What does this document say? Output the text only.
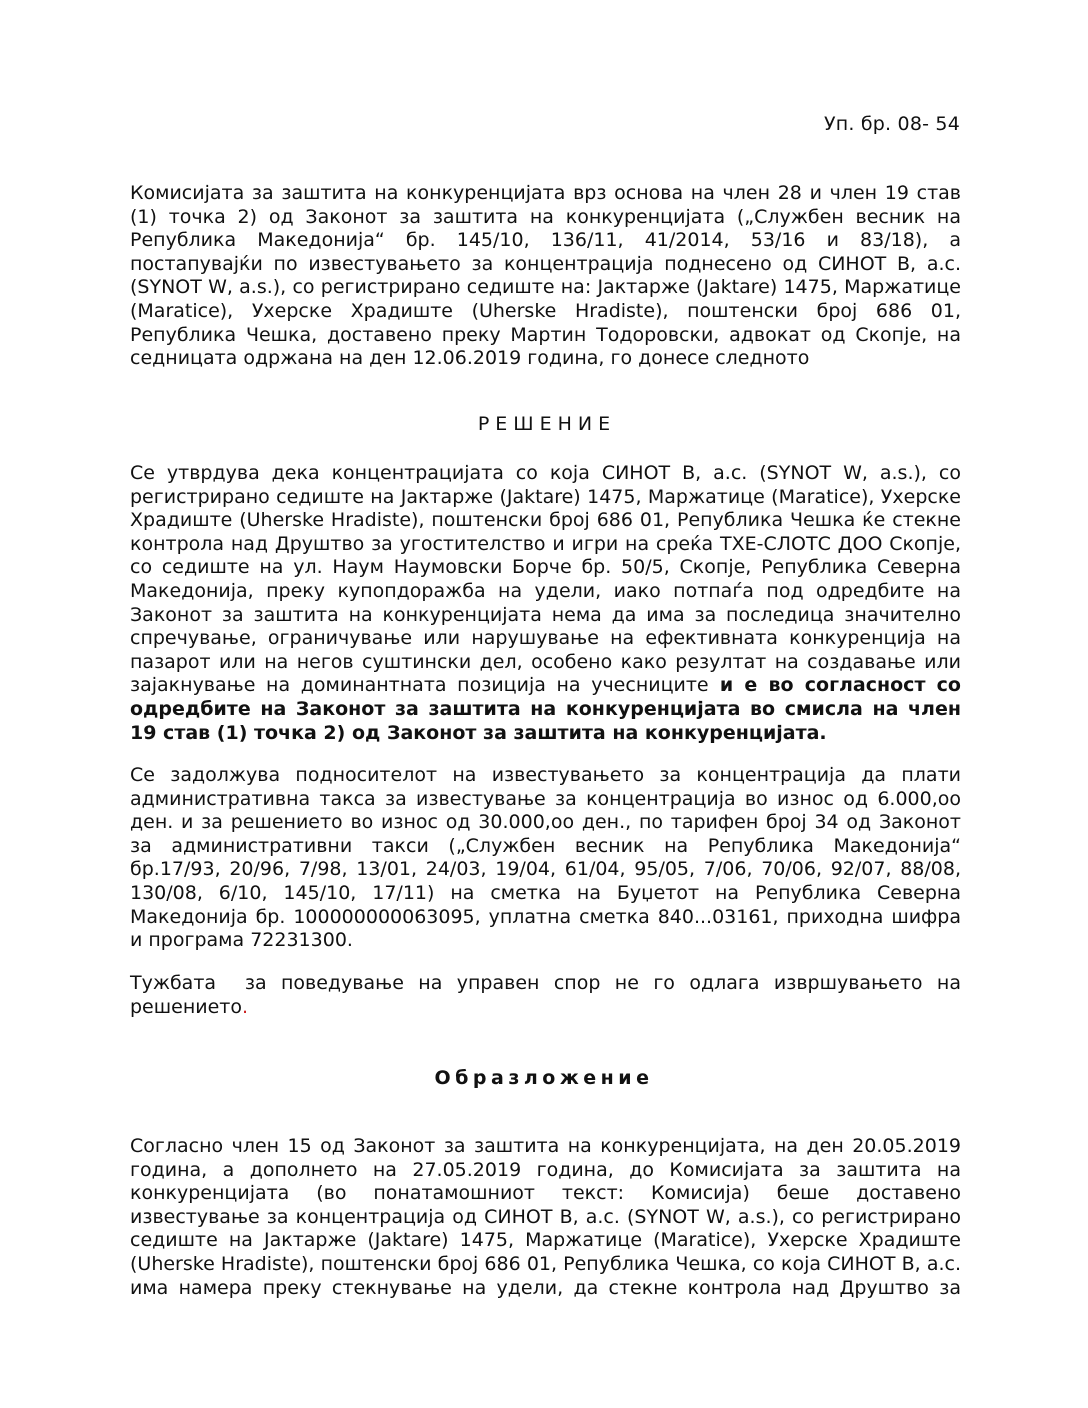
Уп. бр. 08- 54

Комисијата за заштита на конкуренцијата врз основа на член 28 и член 19 став (1) точка 2) од Законот за заштита на конкуренцијата („Службен весник на Република Македонија“ бр. 145/10, 136/11, 41/2014, 53/16 и 83/18), а постапувајќи по известувањето за концентрација поднесено од СИНОТ В, а.с. (SYNOT W, a.s.), со регистрирано седиште на: Јактарже (Jaktare) 1475, Маржатице (Maratice), Ухерске Храдиште (Uherske Hradiste), поштенски број 686 01, Република Чешка, доставено преку Мартин Тодоровски, адвокат од Скопје, на седницата одржана на ден 12.06.2019 година, го донесе следното

РЕШЕНИЕ

Се утврдува дека концентрацијата со која СИНОТ В, а.с. (SYNOT W, a.s.), со регистрирано седиште на Јактарже (Jaktare) 1475, Маржатице (Maratice), Ухерске Храдиште (Uherske Hradiste), поштенски број 686 01, Република Чешка ќе стекне контрола над Друштво за угостителство и игри на среќа ТХЕ-СЛОТС ДОО Скопје, со седиште на ул. Наум Наумовски Борче бр. 50/5, Скопје, Република Северна Македонија, преку купопдоражба на удели, иако потпаѓа под одредбите на Законот за заштита на конкуренцијата нема да има за последица значително спречување, ограничување или нарушување на ефективната конкуренција на пазарот или на негов суштински дел, особено како резултат на создавање или зајакнување на доминантната позиција на учесниците и е во согласност со одредбите на Законот за заштита на конкуренцијата во смисла на член 19 став (1) точка 2) од Законот за заштита на конкуренцијата.

Се задолжува подносителот на известувањето за концентрација да плати административна такса за известување за концентрација во износ од 6.000,оо ден. и за решението во износ од 30.000,оо ден., по тарифен број 34 од Законот за административни такси („Службен весник на Република Македонија“ бр.17/93, 20/96, 7/98, 13/01, 24/03, 19/04, 61/04, 95/05, 7/06, 70/06, 92/07, 88/08, 130/08, 6/10, 145/10, 17/11) на сметка на Буџетот на Република Северна Македонија бр. 100000000063095, уплатна сметка 840...03161, приходна шифра и програма 72231300.

Тужбата  за поведување на управен спор не го одлага извршувањето на решението.

Образложение

Согласно член 15 од Законот за заштита на конкуренцијата, на ден 20.05.2019 година, а дополнето на 27.05.2019 година, до Комисијата за заштита на конкуренцијата (во понатамошниот текст: Комисија) беше доставено известување за концентрација од СИНОТ В, а.с. (SYNOT W, a.s.), со регистрирано седиште на Јактарже (Jaktare) 1475, Маржатице (Maratice), Ухерске Храдиште (Uherske Hradiste), поштенски број 686 01, Република Чешка, со која СИНОТ В, а.с. има намера преку стекнување на удели, да стекне контрола над Друштво за
